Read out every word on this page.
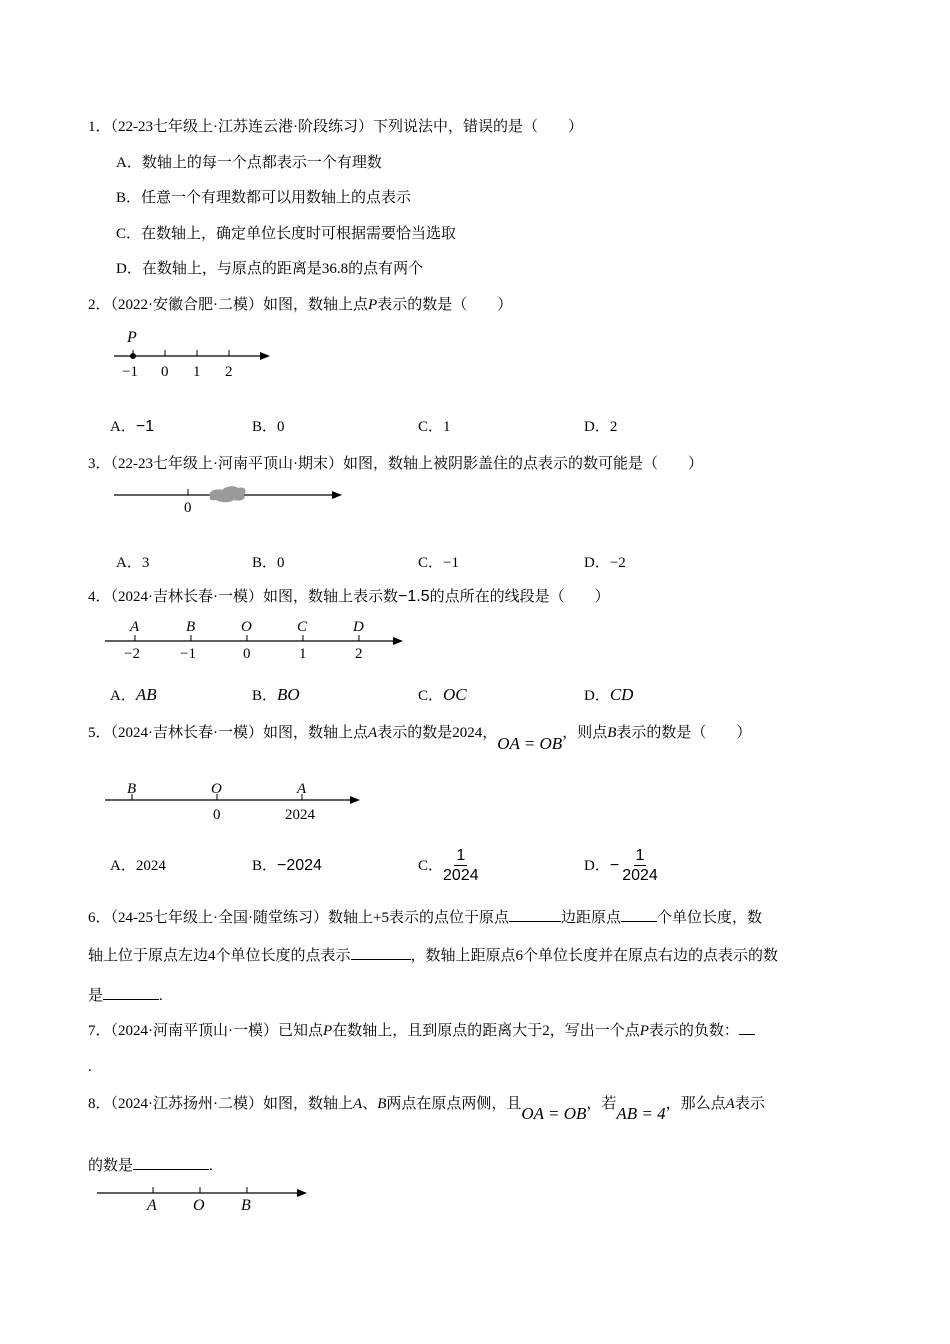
1．（22-23七年级上·江苏连云港·阶段练习）下列说法中，错误的是（　　）
A．数轴上的每一个点都表示一个有理数
B．任意一个有理数都可以用数轴上的点表示
C．在数轴上，确定单位长度时可根据需要恰当选取
D．在数轴上，与原点的距离是36.8的点有两个
2．（2022·安徽合肥·二模）如图，数轴上点P表示的数是（　　）
P
−1 0 1 2
A．−1	B．0	C．1	D．2
3．（22-23七年级上·河南平顶山·期末）如图，数轴上被阴影盖住的点表示的数可能是（　　）
0
A．3	B．0	C．−1	D．−2
4．（2024·吉林长春·一模）如图，数轴上表示数−1.5的点所在的线段是（　　）
A	B	O	C	D
−2	−1	0	1	2
A．AB	B．BO	C．OC	D．CD
5．（2024·吉林长春·一模）如图，数轴上点A表示的数是2024，OA = OB，则点B表示的数是（　　）
B	O	A
0	2024
A．2024	B．−2024	C． $\frac{1}{2024}$	D． − $\frac{1}{2024}$
6．（24-25七年级上·全国·随堂练习）数轴上+5表示的点位于原点	边距原点 个单位长度，数
轴上位于原点左边4个单位长度的点表示	，数轴上距原点6个单位长度并在原点右边的点表示的数
是	.
7．（2024·河南平顶山·一模）已知点P在数轴上，且到原点的距离大于2，写出一个点P表示的负数：
.
8．（2024·江苏扬州·二模）如图，数轴上A、B两点在原点两侧，且OA = OB，若AB = 4，那么点A表示
的数是	.
A O B
